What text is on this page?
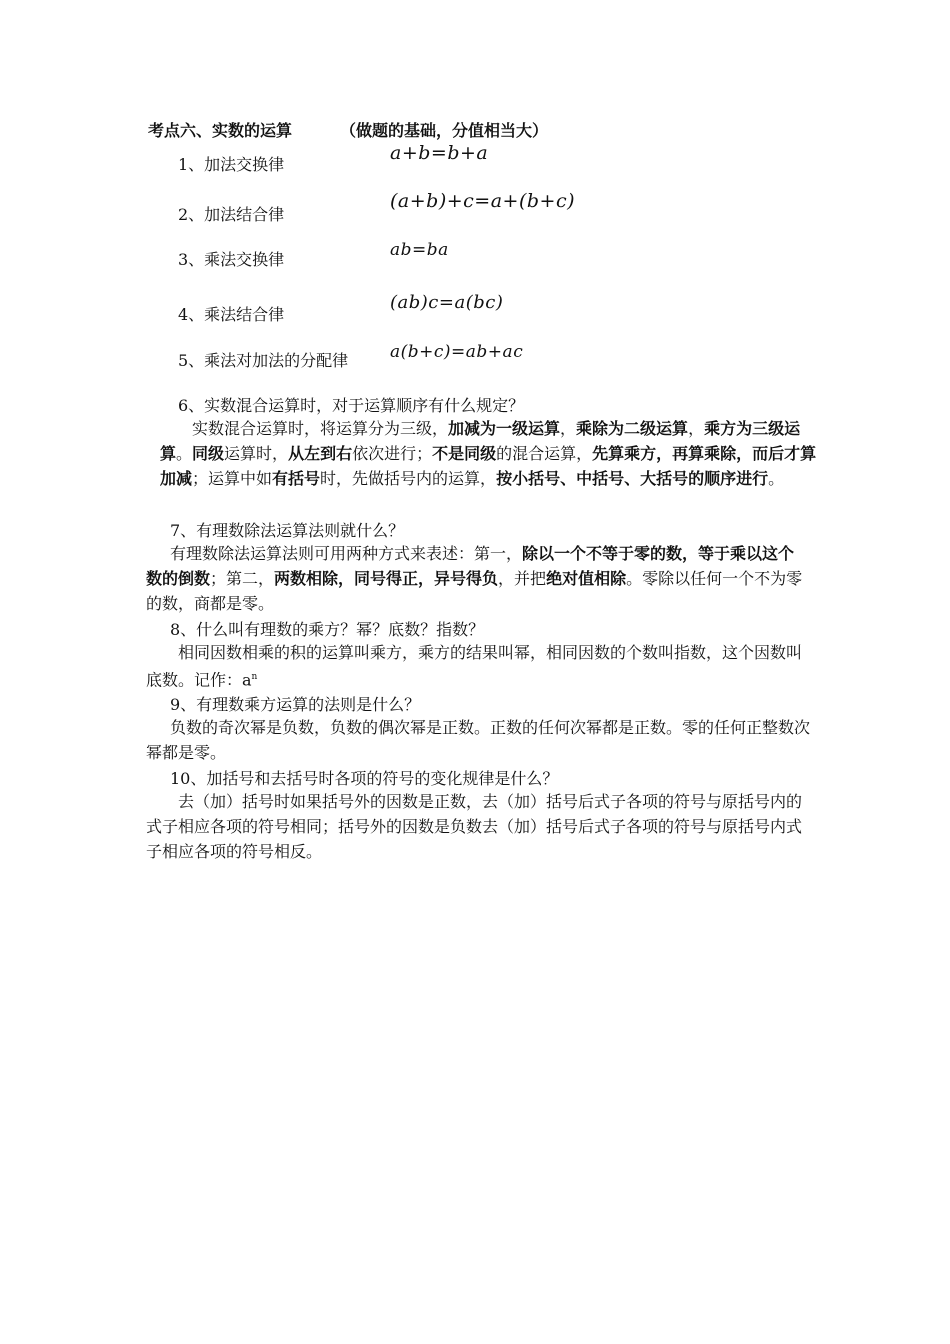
考点六、实数的运算	（做题的基础，分值相当大）
1、加法交换律
a+b=b+a
2、加法结合律
(a+b)+c=a+(b+c)
3、乘法交换律	ab=ba
4、乘法结合律
(ab)c=a(bc)
5、乘法对加法的分配律 a(b+c)=ab+ac
6、实数混合运算时，对于运算顺序有什么规定？
实数混合运算时，将运算分为三级，加减为一级运算，乘除为二级运算，乘方为三级运算。同级运算时，从左到右依次进行；不是同级的混合运算，先算乘方，再算乘除，而后才算加减；运算中如有括号时，先做括号内的运算，按小括号、中括号、大括号的顺序进行。
7、有理数除法运算法则就什么？
有理数除法运算法则可用两种方式来表述：第一，除以一个不等于零的数，等于乘以这个数的倒数；第二，两数相除，同号得正，异号得负，并把绝对值相除。零除以任何一个不为零的数，商都是零。
8、什么叫有理数的乘方？幂？底数？指数？
相同因数相乘的积的运算叫乘方，乘方的结果叫幂，相同因数的个数叫指数，这个因数叫底数。记作：$a^n$
9、有理数乘方运算的法则是什么？
负数的奇次幂是负数，负数的偶次幂是正数。正数的任何次幂都是正数。零的任何正整数次幂都是零。
10、加括号和去括号时各项的符号的变化规律是什么？
去（加）括号时如果括号外的因数是正数，去（加）括号后式子各项的符号与原括号内的式子相应各项的符号相同；括号外的因数是负数去（加）括号后式子各项的符号与原括号内式子相应各项的符号相反。
